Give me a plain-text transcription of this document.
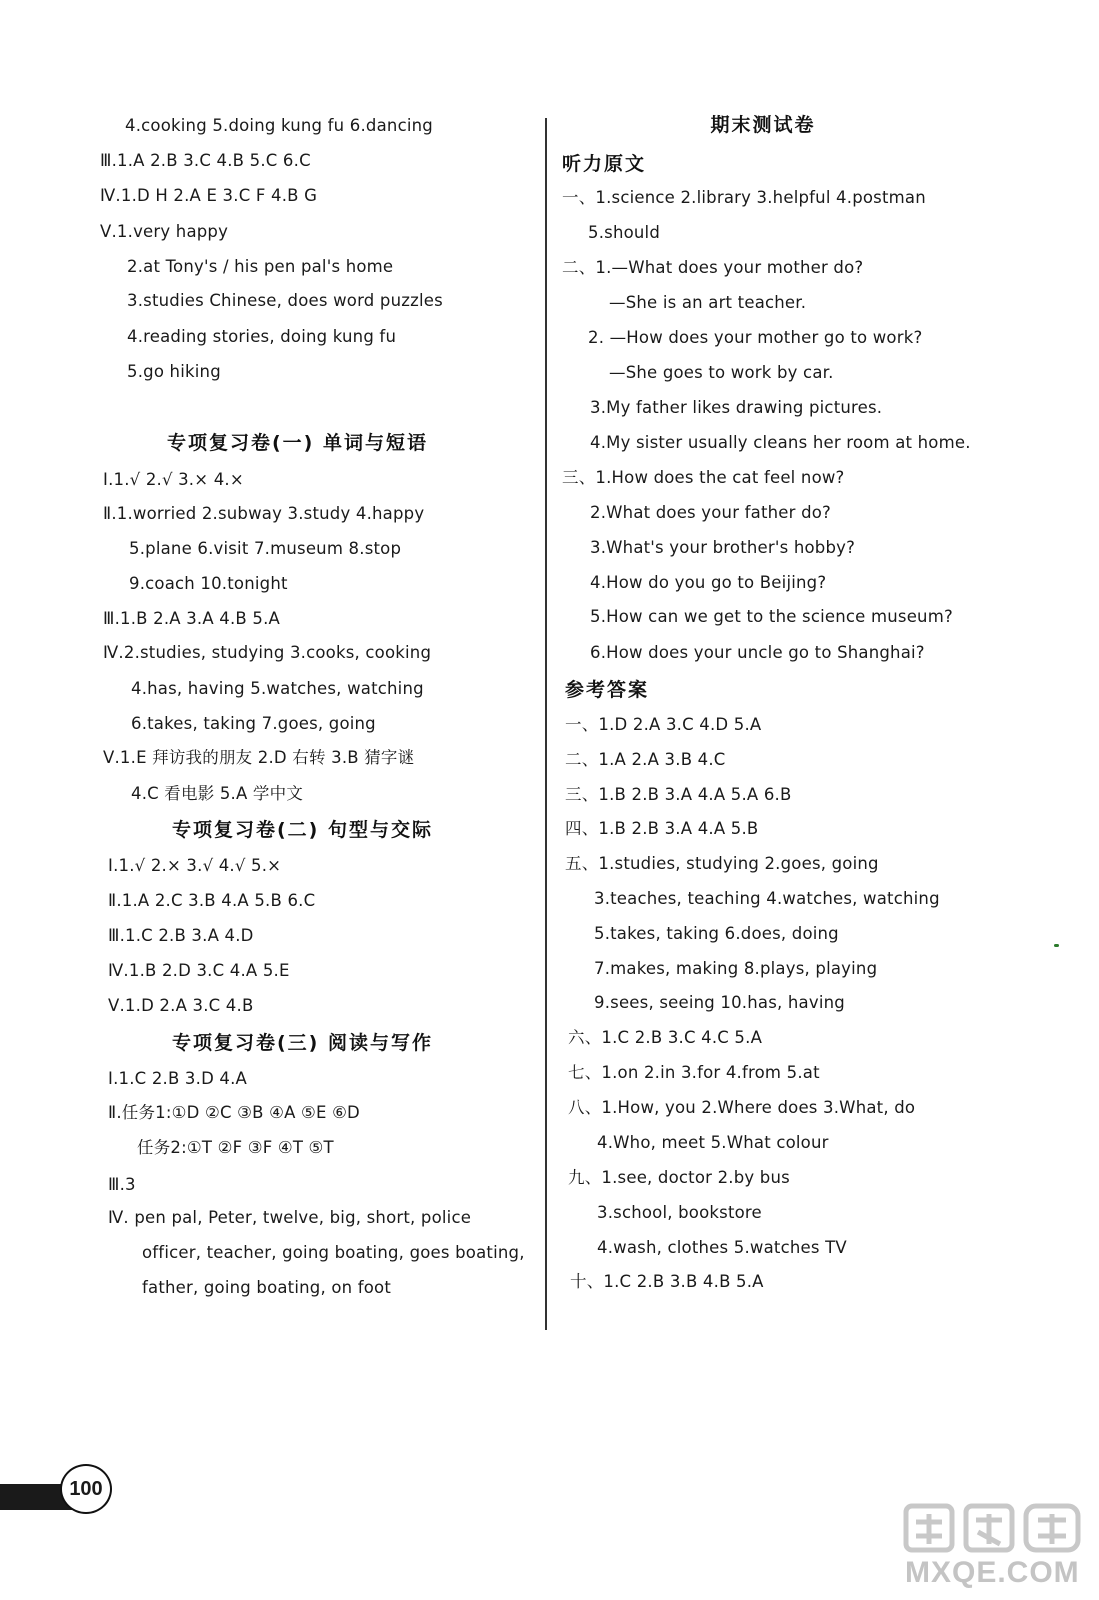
4.cooking 5.doing kung fu 6.dancing
Ⅲ.1.A 2.B 3.C 4.B 5.C 6.C
Ⅳ.1.D H 2.A E 3.C F 4.B G
Ⅴ.1.very happy
2.at Tony's / his pen pal's home
3.studies Chinese, does word puzzles
4.reading stories, doing kung fu
5.go hiking
专项复习卷(一) 单词与短语
Ⅰ.1.√ 2.√ 3.× 4.×
Ⅱ.1.worried 2.subway 3.study 4.happy
5.plane 6.visit 7.museum 8.stop
9.coach 10.tonight
Ⅲ.1.B 2.A 3.A 4.B 5.A
Ⅳ.2.studies, studying 3.cooks, cooking
4.has, having 5.watches, watching
6.takes, taking 7.goes, going
Ⅴ.1.E 拜访我的朋友 2.D 右转 3.B 猜字谜
4.C 看电影 5.A 学中文
专项复习卷(二) 句型与交际
Ⅰ.1.√ 2.× 3.√ 4.√ 5.×
Ⅱ.1.A 2.C 3.B 4.A 5.B 6.C
Ⅲ.1.C 2.B 3.A 4.D
Ⅳ.1.B 2.D 3.C 4.A 5.E
Ⅴ.1.D 2.A 3.C 4.B
专项复习卷(三) 阅读与写作
Ⅰ.1.C 2.B 3.D 4.A
Ⅱ.任务1:①D ②C ③B ④A ⑤E ⑥D
任务2:①T ②F ③F ④T ⑤T
Ⅲ.3
Ⅳ. pen pal, Peter, twelve, big, short, police
officer, teacher, going boating, goes boating,
father, going boating, on foot
期末测试卷
听力原文
一、1.science 2.library 3.helpful 4.postman
5.should
二、1.—What does your mother do?
—She is an art teacher.
2. —How does your mother go to work?
—She goes to work by car.
3.My father likes drawing pictures.
4.My sister usually cleans her room at home.
三、1.How does the cat feel now?
2.What does your father do?
3.What's your brother's hobby?
4.How do you go to Beijing?
5.How can we get to the science museum?
6.How does your uncle go to Shanghai?
参考答案
一、1.D 2.A 3.C 4.D 5.A
二、1.A 2.A 3.B 4.C
三、1.B 2.B 3.A 4.A 5.A 6.B
四、1.B 2.B 3.A 4.A 5.B
五、1.studies, studying 2.goes, going
3.teaches, teaching 4.watches, watching
5.takes, taking 6.does, doing
7.makes, making 8.plays, playing
9.sees, seeing 10.has, having
六、1.C 2.B 3.C 4.C 5.A
七、1.on 2.in 3.for 4.from 5.at
八、1.How, you 2.Where does 3.What, do
4.Who, meet 5.What colour
九、1.see, doctor 2.by bus
3.school, bookstore
4.wash, clothes 5.watches TV
十、1.C 2.B 3.B 4.B 5.A
100
MXQE.COM
